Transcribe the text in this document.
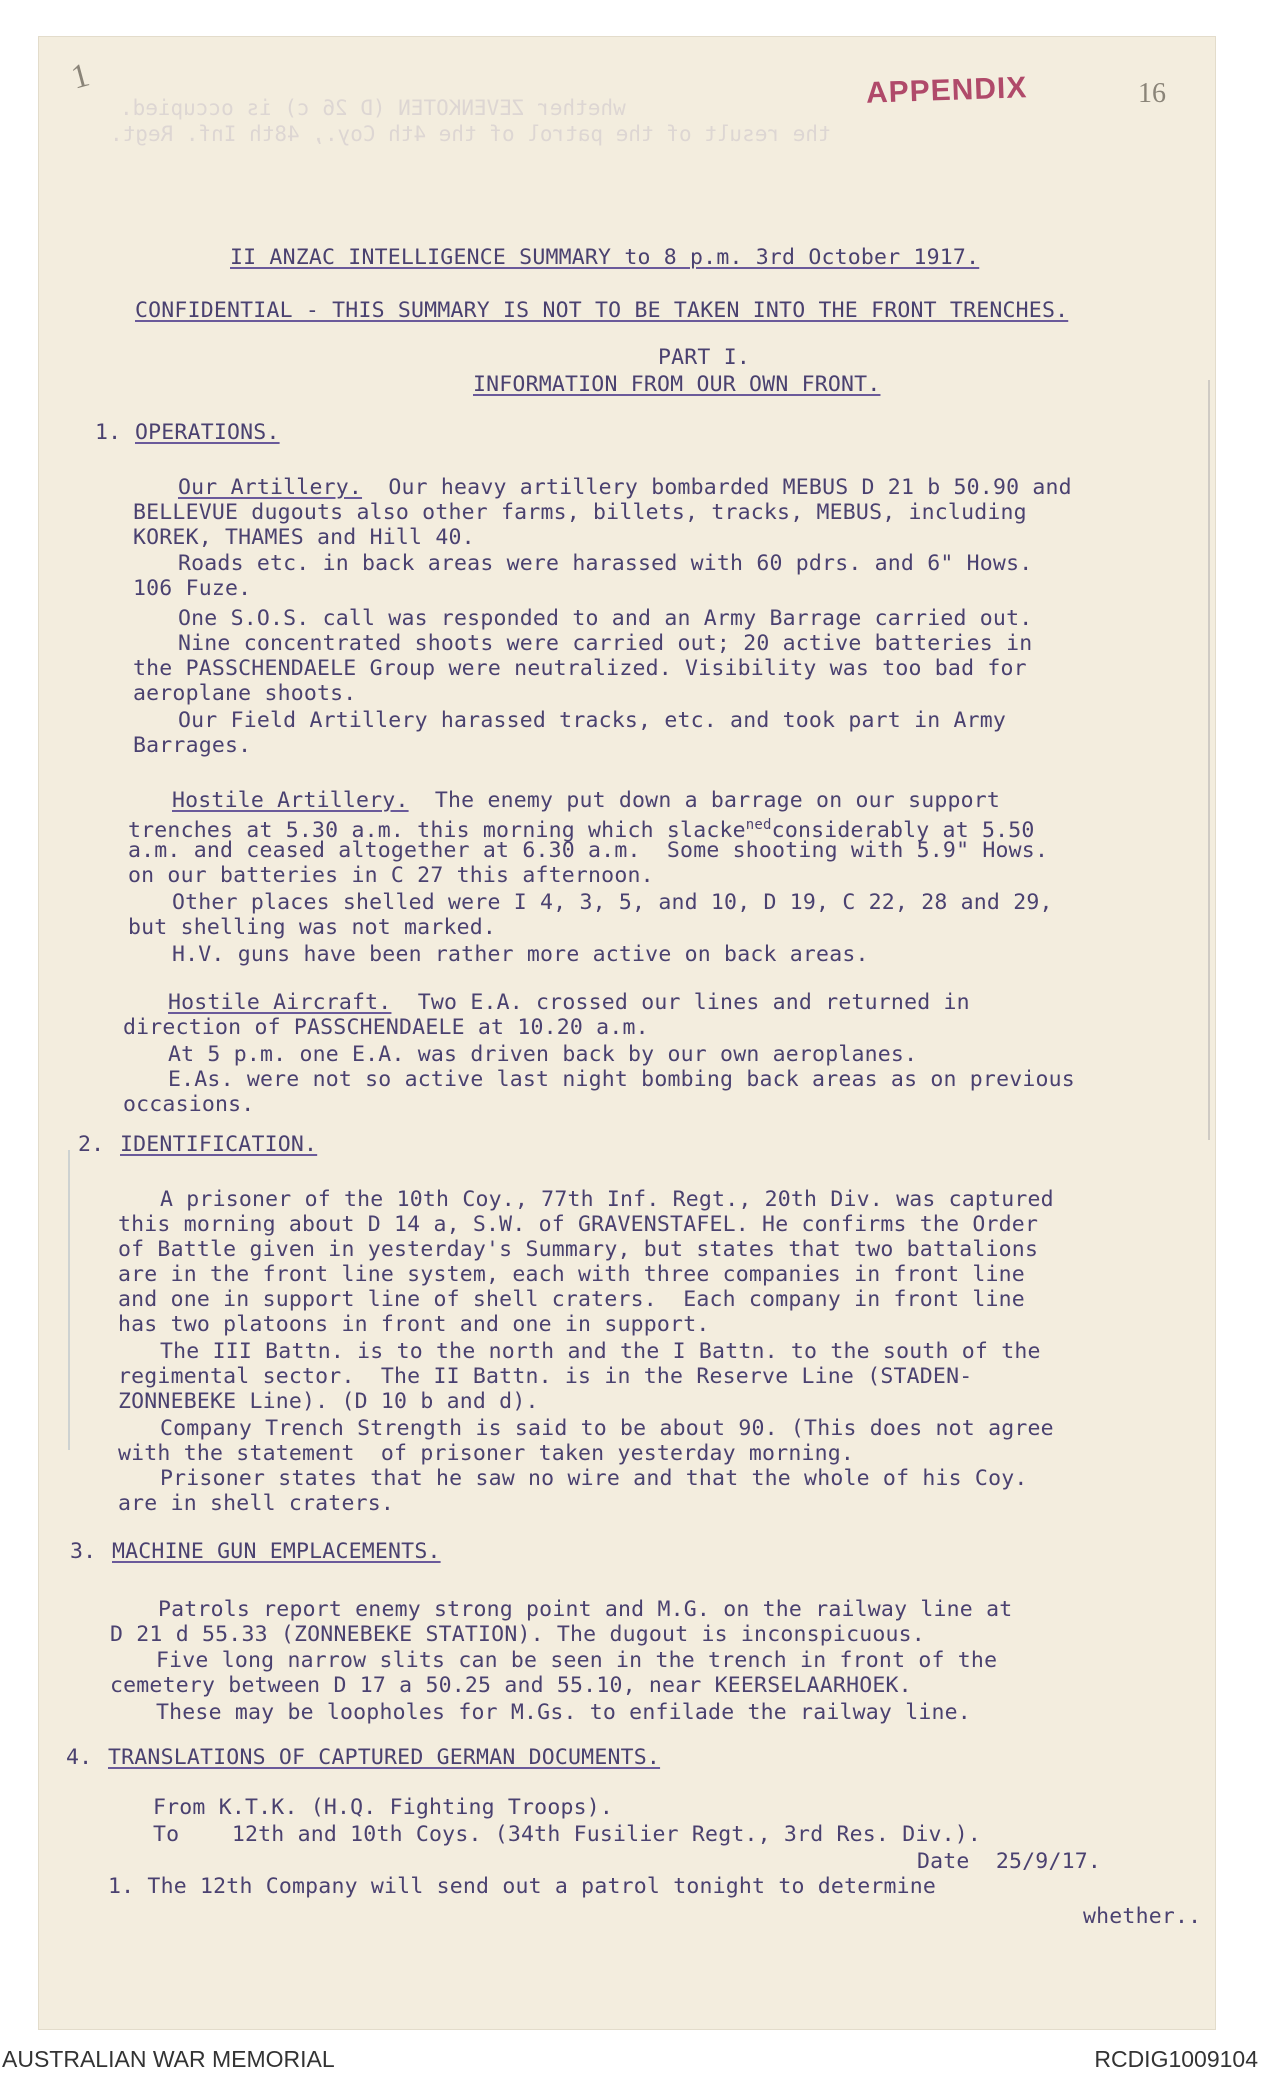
whether ZEVENKOTEN (D 26 c) is occupied.
the result of the patrol of the 4th Coy., 48th Inf. Regt.
1	APPENDIX	16
II ANZAC INTELLIGENCE SUMMARY to 8 p.m. 3rd October 1917.
CONFIDENTIAL - THIS SUMMARY IS NOT TO BE TAKEN INTO THE FRONT TRENCHES.
PART I.
INFORMATION FROM OUR OWN FRONT.
1. OPERATIONS.
Our Artillery.  Our heavy artillery bombarded MEBUS D 21 b 50.90 and
BELLEVUE dugouts also other farms, billets, tracks, MEBUS, including
KOREK, THAMES and Hill 40.
Roads etc. in back areas were harassed with 60 pdrs. and 6" Hows.
106 Fuze.
One S.O.S. call was responded to and an Army Barrage carried out.
Nine concentrated shoots were carried out; 20 active batteries in
the PASSCHENDAELE Group were neutralized. Visibility was too bad for
aeroplane shoots.
Our Field Artillery harassed tracks, etc. and took part in Army
Barrages.
Hostile Artillery.  The enemy put down a barrage on our support
trenches at 5.30 a.m. this morning which slacke$^{ned}$considerably at 5.50
a.m. and ceased altogether at 6.30 a.m.  Some shooting with 5.9" Hows.
on our batteries in C 27 this afternoon.
Other places shelled were I 4, 3, 5, and 10, D 19, C 22, 28 and 29,
but shelling was not marked.
H.V. guns have been rather more active on back areas.
Hostile Aircraft.  Two E.A. crossed our lines and returned in
direction of PASSCHENDAELE at 10.20 a.m.
At 5 p.m. one E.A. was driven back by our own aeroplanes.
E.As. were not so active last night bombing back areas as on previous
occasions.
2. IDENTIFICATION.
A prisoner of the 10th Coy., 77th Inf. Regt., 20th Div. was captured
this morning about D 14 a, S.W. of GRAVENSTAFEL. He confirms the Order
of Battle given in yesterday's Summary, but states that two battalions
are in the front line system, each with three companies in front line
and one in support line of shell craters.  Each company in front line
has two platoons in front and one in support.
The III Battn. is to the north and the I Battn. to the south of the
regimental sector.  The II Battn. is in the Reserve Line (STADEN-
ZONNEBEKE Line). (D 10 b and d).
Company Trench Strength is said to be about 90. (This does not agree
with the statement  of prisoner taken yesterday morning.
Prisoner states that he saw no wire and that the whole of his Coy.
are in shell craters.
3. MACHINE GUN EMPLACEMENTS.
Patrols report enemy strong point and M.G. on the railway line at
D 21 d 55.33 (ZONNEBEKE STATION). The dugout is inconspicuous.
Five long narrow slits can be seen in the trench in front of the
cemetery between D 17 a 50.25 and 55.10, near KEERSELAARHOEK.
These may be loopholes for M.Gs. to enfilade the railway line.
4. TRANSLATIONS OF CAPTURED GERMAN DOCUMENTS.
From K.T.K. (H.Q. Fighting Troops).
To    12th and 10th Coys. (34th Fusilier Regt., 3rd Res. Div.).
Date  25/9/17.
1. The 12th Company will send out a patrol tonight to determine
whether..
AUSTRALIAN WAR MEMORIAL	RCDIG1009104
